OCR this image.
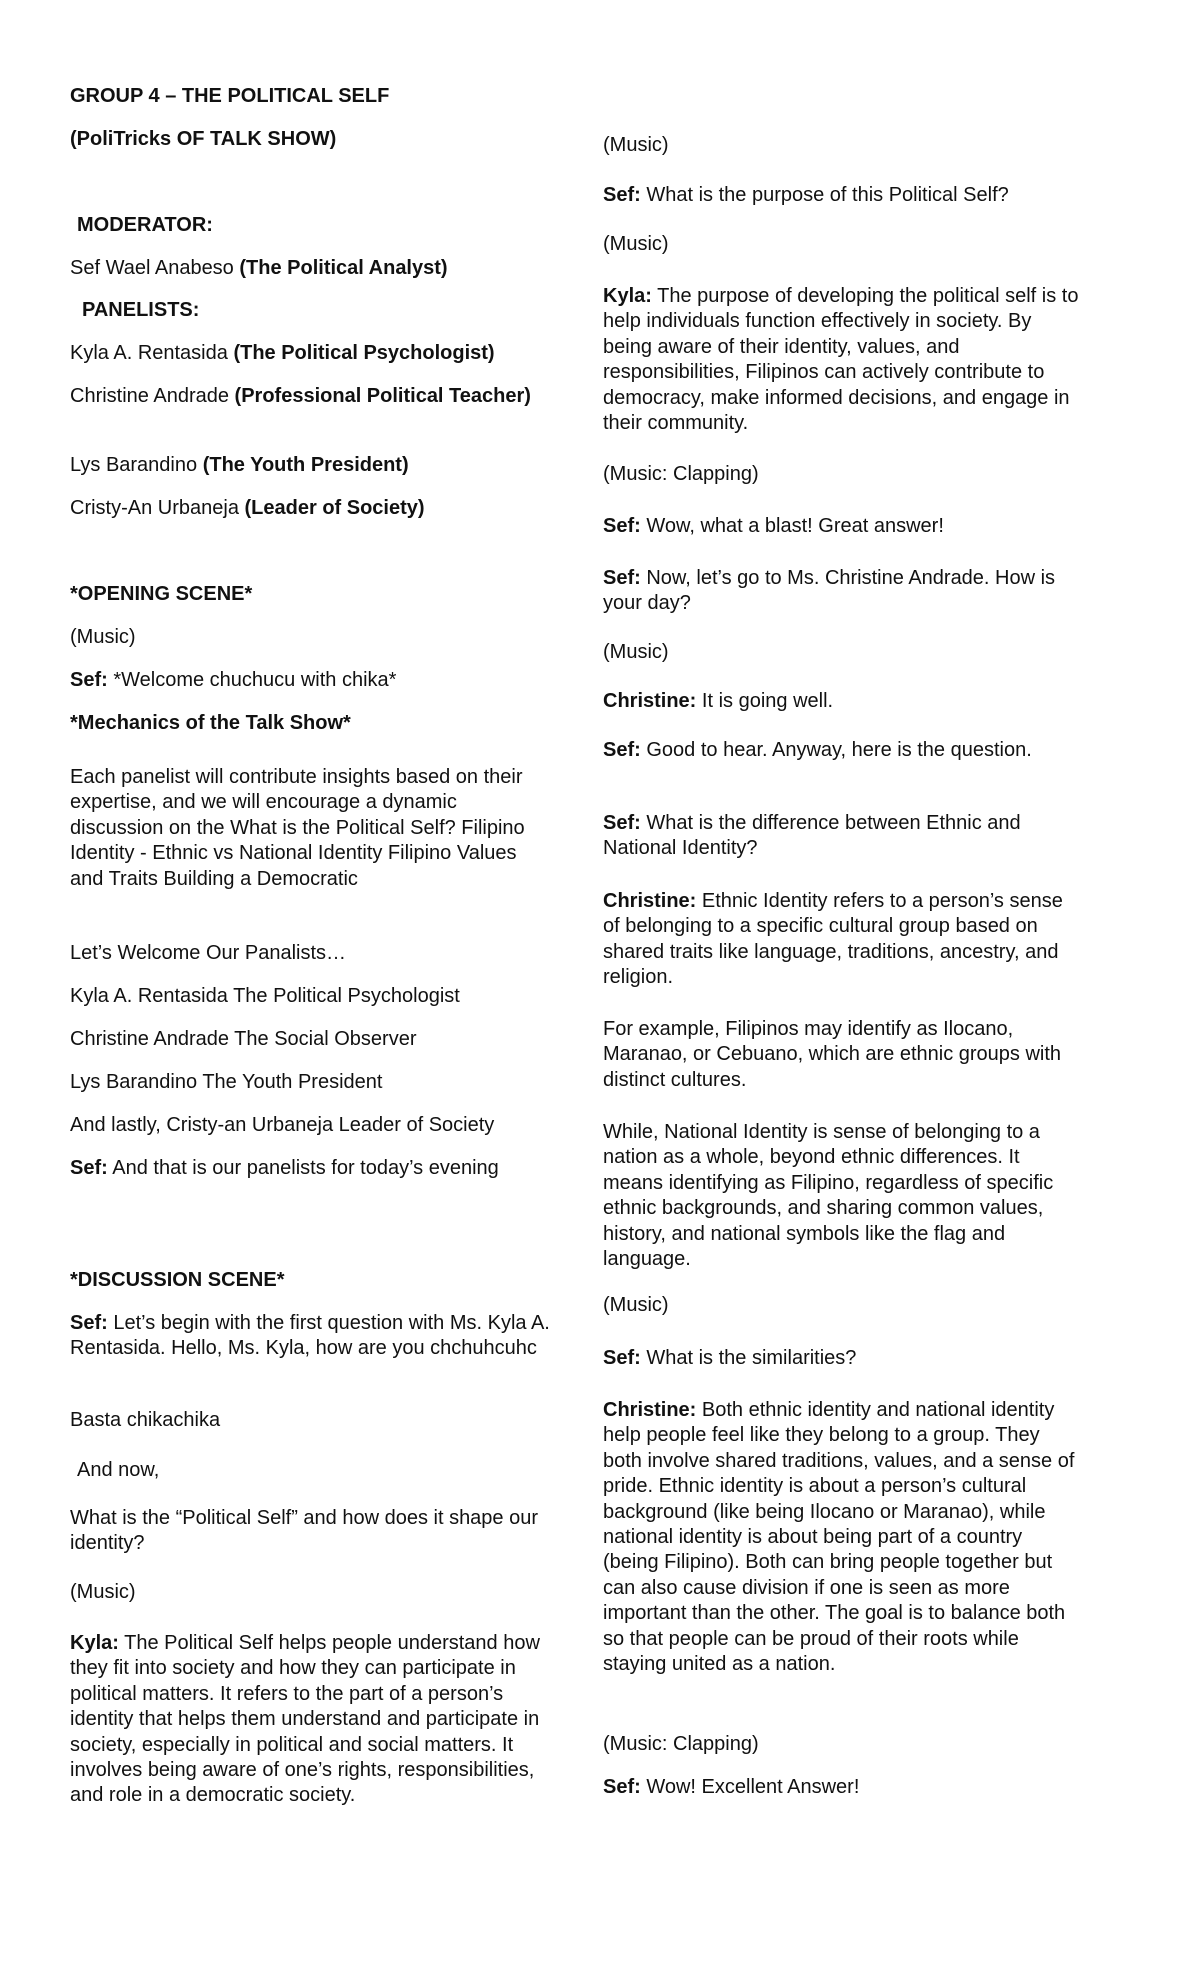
GROUP 4 – THE POLITICAL SELF

(PoliTricks OF TALK SHOW)

MODERATOR:

Sef Wael Anabeso (The Political Analyst)

PANELISTS:

Kyla A. Rentasida (The Political Psychologist)

Christine Andrade (Professional Political Teacher)

Lys Barandino (The Youth President)

Cristy-An Urbaneja (Leader of Society)

*OPENING SCENE*

(Music)

Sef: *Welcome chuchucu with chika*

*Mechanics of the Talk Show*

Each panelist will contribute insights based on their expertise, and we will encourage a dynamic discussion on the What is the Political Self? Filipino Identity - Ethnic vs National Identity Filipino Values and Traits Building a Democratic

Let’s Welcome Our Panalists…

Kyla A. Rentasida The Political Psychologist

Christine Andrade The Social Observer

Lys Barandino The Youth President

And lastly, Cristy-an Urbaneja Leader of Society

Sef: And that is our panelists for today’s evening

*DISCUSSION SCENE*

Sef: Let’s begin with the first question with Ms. Kyla A. Rentasida. Hello, Ms. Kyla, how are you chchuhcuhc

Basta chikachika

And now,

What is the “Political Self” and how does it shape our identity?

(Music)

Kyla: The Political Self helps people understand how they fit into society and how they can participate in political matters. It refers to the part of a person’s identity that helps them understand and participate in society, especially in political and social matters. It involves being aware of one’s rights, responsibilities, and role in a democratic society.

(Music)

Sef: What is the purpose of this Political Self?

(Music)

Kyla: The purpose of developing the political self is to help individuals function effectively in society. By being aware of their identity, values, and responsibilities, Filipinos can actively contribute to democracy, make informed decisions, and engage in their community.

(Music: Clapping)

Sef: Wow, what a blast! Great answer!

Sef: Now, let’s go to Ms. Christine Andrade. How is your day?

(Music)

Christine: It is going well.

Sef: Good to hear. Anyway, here is the question.

Sef: What is the difference between Ethnic and National Identity?

Christine: Ethnic Identity refers to a person’s sense of belonging to a specific cultural group based on shared traits like language, traditions, ancestry, and religion.

For example, Filipinos may identify as Ilocano, Maranao, or Cebuano, which are ethnic groups with distinct cultures.

While, National Identity is sense of belonging to a nation as a whole, beyond ethnic differences. It means identifying as Filipino, regardless of specific ethnic backgrounds, and sharing common values, history, and national symbols like the flag and language.

(Music)

Sef: What is the similarities?

Christine: Both ethnic identity and national identity help people feel like they belong to a group. They both involve shared traditions, values, and a sense of pride. Ethnic identity is about a person’s cultural background (like being Ilocano or Maranao), while national identity is about being part of a country (being Filipino). Both can bring people together but can also cause division if one is seen as more important than the other. The goal is to balance both so that people can be proud of their roots while staying united as a nation.

(Music: Clapping)

Sef: Wow! Excellent Answer!
